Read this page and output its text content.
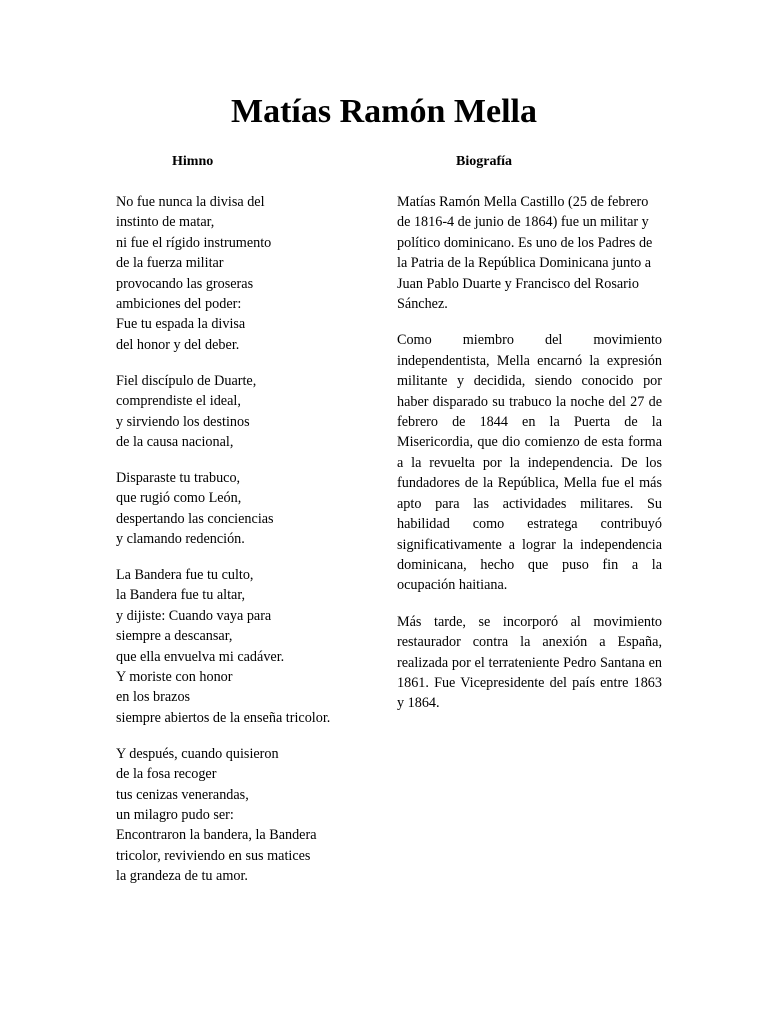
Matías Ramón Mella
Himno
No fue nunca la divisa del
instinto de matar,
ni fue el rígido instrumento
de la fuerza militar
provocando las groseras
ambiciones del poder:
Fue tu espada la divisa
del honor y del deber.
Fiel discípulo de Duarte,
comprendiste el ideal,
y sirviendo los destinos
de la causa nacional,
Disparaste tu trabuco,
que rugió como León,
despertando las conciencias
y clamando redención.
La Bandera fue tu culto,
la Bandera fue tu altar,
y dijiste: Cuando vaya para
siempre a descansar,
que ella envuelva mi cadáver.
Y moriste con honor
en los brazos
siempre abiertos de la enseña tricolor.
Y después, cuando quisieron
de la fosa recoger
tus cenizas venerandas,
un milagro pudo ser:
Encontraron la bandera, la Bandera
tricolor, reviviendo en sus matices
la grandeza de tu amor.
Biografía

Matías Ramón Mella Castillo (25 de febrero de 1816-4 de junio de 1864) fue un militar y político dominicano. Es uno de los Padres de la Patria de la República Dominicana junto a Juan Pablo Duarte y Francisco del Rosario Sánchez.

Como miembro del movimiento independentista, Mella encarnó la expresión militante y decidida, siendo conocido por haber disparado su trabuco la noche del 27 de febrero de 1844 en la Puerta de la Misericordia, que dio comienzo de esta forma a la revuelta por la independencia. De los fundadores de la República, Mella fue el más apto para las actividades militares. Su habilidad como estratega contribuyó significativamente a lograr la independencia dominicana, hecho que puso fin a la ocupación haitiana.

Más tarde, se incorporó al movimiento restaurador contra la anexión a España, realizada por el terrateniente Pedro Santana en 1861. Fue Vicepresidente del país entre 1863 y 1864.
